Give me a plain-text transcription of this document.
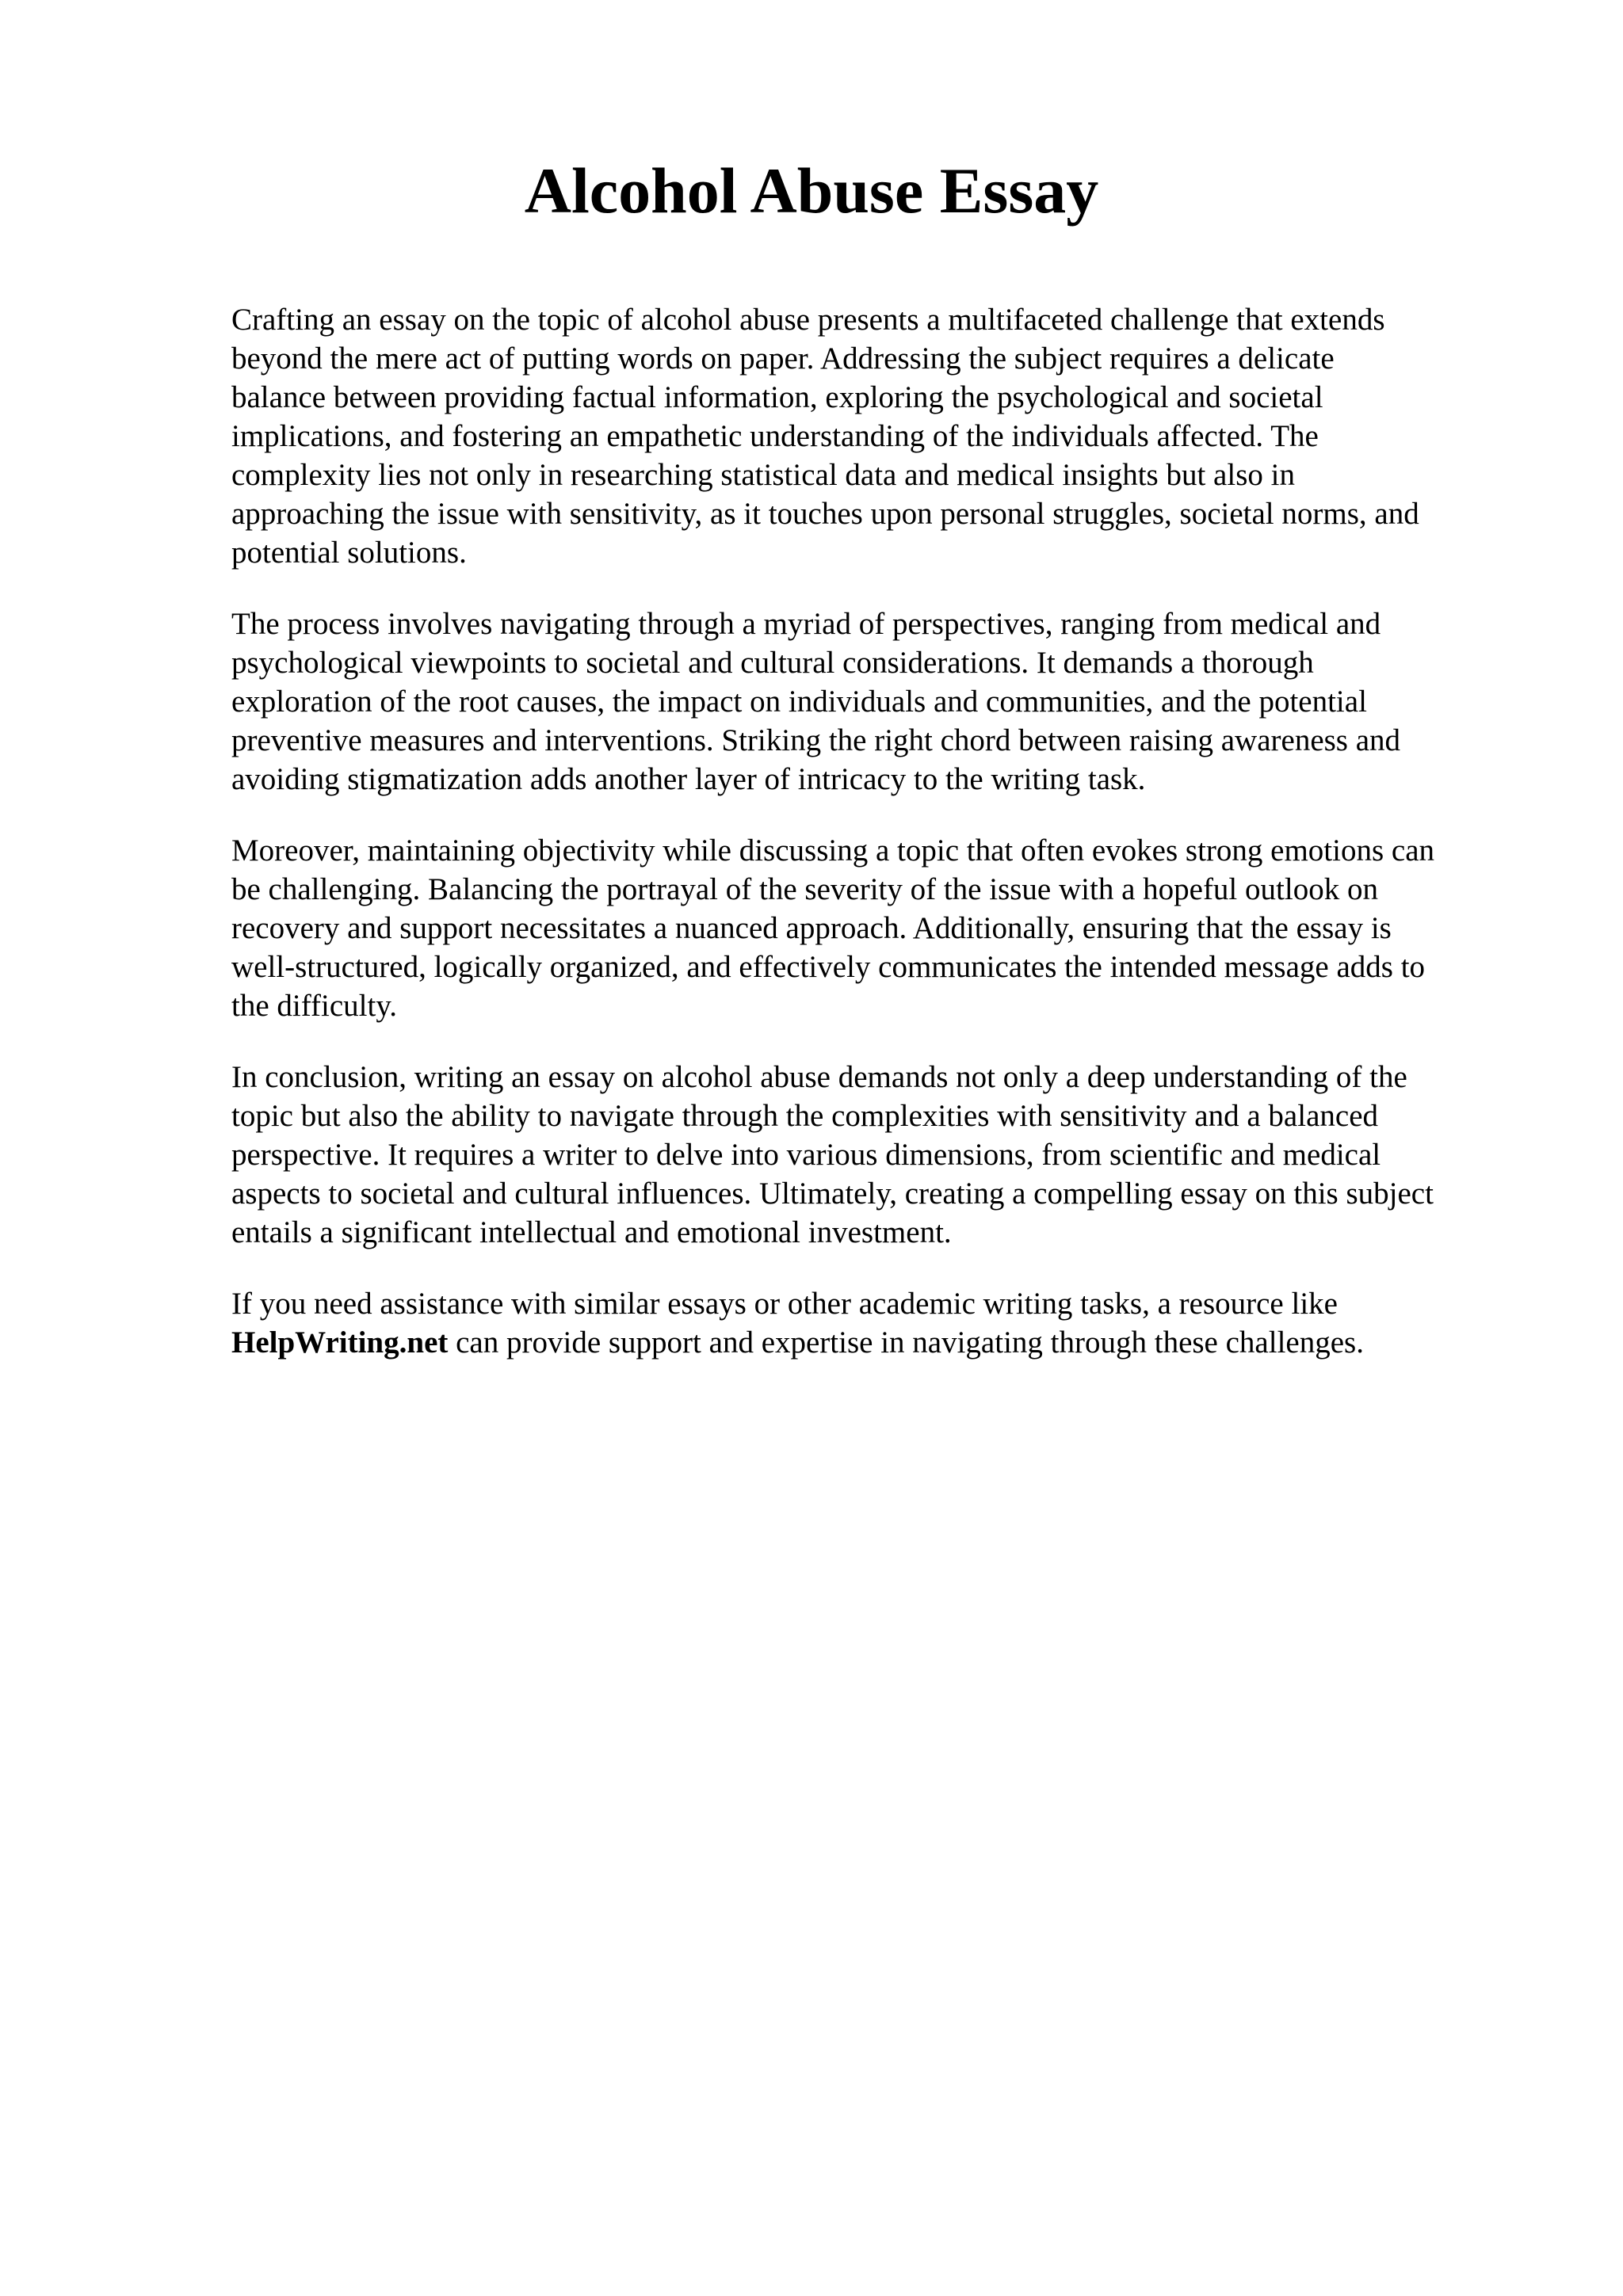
Alcohol Abuse Essay

Crafting an essay on the topic of alcohol abuse presents a multifaceted challenge that extends
beyond the mere act of putting words on paper. Addressing the subject requires a delicate
balance between providing factual information, exploring the psychological and societal
implications, and fostering an empathetic understanding of the individuals affected. The
complexity lies not only in researching statistical data and medical insights but also in
approaching the issue with sensitivity, as it touches upon personal struggles, societal norms, and
potential solutions.

The process involves navigating through a myriad of perspectives, ranging from medical and
psychological viewpoints to societal and cultural considerations. It demands a thorough
exploration of the root causes, the impact on individuals and communities, and the potential
preventive measures and interventions. Striking the right chord between raising awareness and
avoiding stigmatization adds another layer of intricacy to the writing task.

Moreover, maintaining objectivity while discussing a topic that often evokes strong emotions can
be challenging. Balancing the portrayal of the severity of the issue with a hopeful outlook on
recovery and support necessitates a nuanced approach. Additionally, ensuring that the essay is
well-structured, logically organized, and effectively communicates the intended message adds to
the difficulty.

In conclusion, writing an essay on alcohol abuse demands not only a deep understanding of the
topic but also the ability to navigate through the complexities with sensitivity and a balanced
perspective. It requires a writer to delve into various dimensions, from scientific and medical
aspects to societal and cultural influences. Ultimately, creating a compelling essay on this subject
entails a significant intellectual and emotional investment.

If you need assistance with similar essays or other academic writing tasks, a resource like
HelpWriting.net can provide support and expertise in navigating through these challenges.
